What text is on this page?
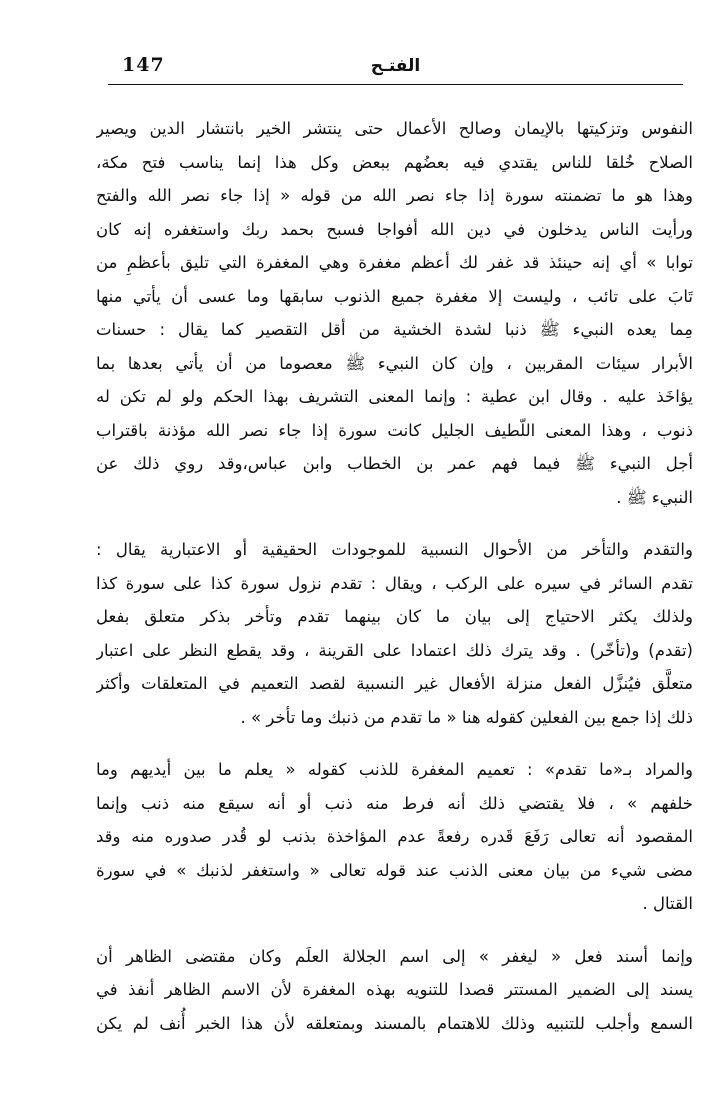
147	الفتـح
النفوس وتزكيتها بالإيمان وصالح الأعمال حتى ينتشر الخير بانتشار الدين ويصير
الصلاح خُلقا للناس يقتدي فيه بعضُهم ببعض وكل هذا إنما يناسب فتح مكة،
وهذا هو ما تضمنته سورة إذا جاء نصر الله من قوله « إذا جاء نصر الله والفتح
ورأيت الناس يدخلون في دين الله أفواجا فسبح بحمد ربك واستغفره إنه كان
توابا » أي إنه حينئذ قد غفر لك أعظم مغفرة وهي المغفرة التي تليق بأعظمِ من
تَابَ على تائب ، وليست إلا مغفرة جميع الذنوب سابقها وما عسى أن يأتي منها
مِما يعده النبيء ﷺ ذنبا لشدة الخشية من أقل التقصير كما يقال : حسنات
الأبرار سيئات المقربين ، وإن كان النبيء ﷺ معصوما من أن يأتي بعدها بما
يؤاخَذ عليه . وقال ابن عطية : وإنما المعنى التشريف بهذا الحكم ولو لم تكن له
ذنوب ، وهذا المعنى اللّطيف الجليل كانت سورة إذا جاء نصر الله مؤذنة باقتراب
أجل النبيء ﷺ فيما فهم عمر بن الخطاب وابن عباس،وقد روي ذلك عن
النبيء ﷺ .
والتقدم والتأخر من الأحوال النسبية للموجودات الحقيقية أو الاعتبارية يقال :
تقدم السائر في سيره على الركب ، ويقال : تقدم نزول سورة كذا على سورة كذا
ولذلك يكثر الاحتياج إلى بيان ما كان بينهما تقدم وتأخر بذكر متعلق بفعل
(تقدم) و(تأخّر) . وقد يترك ذلك اعتمادا على القرينة ، وقد يقطع النظر على اعتبار
متعلَّق فيُنزَّل الفعل منزلة الأفعال غير النسبية لقصد التعميم في المتعلقات وأكثر
ذلك إذا جمع بين الفعلين كقوله هنا « ما تقدم من ذنبك وما تأخر » .
والمراد بـ«ما تقدم» : تعميم المغفرة للذنب كقوله « يعلم ما بين أيديهم وما
خلفهم » ، فلا يقتضي ذلك أنه فرط منه ذنب أو أنه سيقع منه ذنب وإنما
المقصود أنه تعالى رَفَعَ قَدره رفعةً عدم المؤاخذة بذنب لو قُدر صدوره منه وقد
مضى شيء من بيان معنى الذنب عند قوله تعالى « واستغفر لذنبك » في سورة
القتال .
وإنما أسند فعل « ليغفر » إلى اسم الجلالة العلَم وكان مقتضى الظاهر أن
يسند إلى الضمير المستتر قصدا للتنويه بهذه المغفرة لأن الاسم الظاهر أنفذ في
السمع وأجلب للتنبيه وذلك للاهتمام بالمسند وبمتعلقه لأن هذا الخبر أُنف لم يكن
